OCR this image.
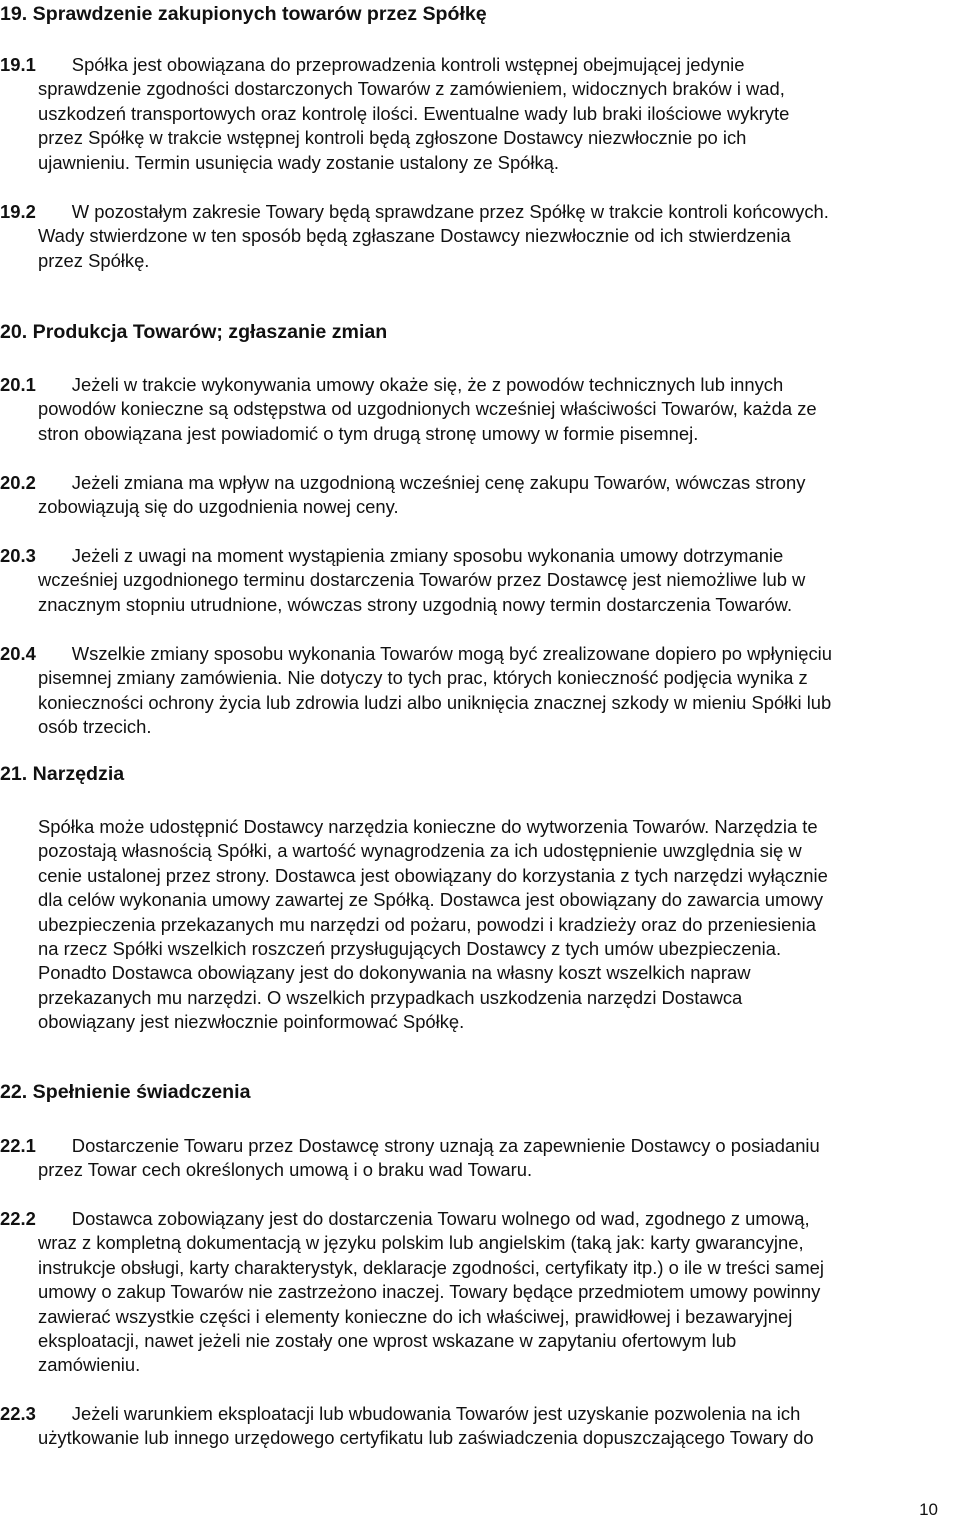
19. Sprawdzenie zakupionych towarów przez Spółkę
19.1 Spółka jest obowiązana do przeprowadzenia kontroli wstępnej obejmującej jedynie
sprawdzenie zgodności dostarczonych Towarów z zamówieniem, widocznych braków i wad,
uszkodzeń transportowych oraz kontrolę ilości. Ewentualne wady lub braki ilościowe wykryte
przez Spółkę w trakcie wstępnej kontroli będą zgłoszone Dostawcy niezwłocznie po ich
ujawnieniu. Termin usunięcia wady zostanie ustalony ze Spółką.
19.2 W pozostałym zakresie Towary będą sprawdzane przez Spółkę w trakcie kontroli końcowych.
Wady stwierdzone w ten sposób będą zgłaszane Dostawcy niezwłocznie od ich stwierdzenia
przez Spółkę.
20. Produkcja Towarów; zgłaszanie zmian
20.1 Jeżeli w trakcie wykonywania umowy okaże się, że z powodów technicznych lub innych
powodów konieczne są odstępstwa od uzgodnionych wcześniej właściwości Towarów, każda ze
stron obowiązana jest powiadomić o tym drugą stronę umowy w formie pisemnej.
20.2 Jeżeli zmiana ma wpływ na uzgodnioną wcześniej cenę zakupu Towarów, wówczas strony
zobowiązują się do uzgodnienia nowej ceny.
20.3 Jeżeli z uwagi na moment wystąpienia zmiany sposobu wykonania umowy dotrzymanie
wcześniej uzgodnionego terminu dostarczenia Towarów przez Dostawcę jest niemożliwe lub w
znacznym stopniu utrudnione, wówczas strony uzgodnią nowy termin dostarczenia Towarów.
20.4 Wszelkie zmiany sposobu wykonania Towarów mogą być zrealizowane dopiero po wpłynięciu
pisemnej zmiany zamówienia. Nie dotyczy to tych prac, których konieczność podjęcia wynika z
konieczności ochrony życia lub zdrowia ludzi albo uniknięcia znacznej szkody w mieniu Spółki lub
osób trzecich.
21. Narzędzia
Spółka może udostępnić Dostawcy narzędzia konieczne do wytworzenia Towarów. Narzędzia te
pozostają własnością Spółki, a wartość wynagrodzenia za ich udostępnienie uwzględnia się w
cenie ustalonej przez strony. Dostawca jest obowiązany do korzystania z tych narzędzi wyłącznie
dla celów wykonania umowy zawartej ze Spółką. Dostawca jest obowiązany do zawarcia umowy
ubezpieczenia przekazanych mu narzędzi od pożaru, powodzi i kradzieży oraz do przeniesienia
na rzecz Spółki wszelkich roszczeń przysługujących Dostawcy z tych umów ubezpieczenia.
Ponadto Dostawca obowiązany jest do dokonywania na własny koszt wszelkich napraw
przekazanych mu narzędzi. O wszelkich przypadkach uszkodzenia narzędzi Dostawca
obowiązany jest niezwłocznie poinformować Spółkę.
22. Spełnienie świadczenia
22.1 Dostarczenie Towaru przez Dostawcę strony uznają za zapewnienie Dostawcy o posiadaniu
przez Towar cech określonych umową i o braku wad Towaru.
22.2 Dostawca zobowiązany jest do dostarczenia Towaru wolnego od wad, zgodnego z umową,
wraz z kompletną dokumentacją w języku polskim lub angielskim (taką jak: karty gwarancyjne,
instrukcje obsługi, karty charakterystyk, deklaracje zgodności, certyfikaty itp.) o ile w treści samej
umowy o zakup Towarów nie zastrzeżono inaczej. Towary będące przedmiotem umowy powinny
zawierać wszystkie części i elementy konieczne do ich właściwej, prawidłowej i bezawaryjnej
eksploatacji, nawet jeżeli nie zostały one wprost wskazane w zapytaniu ofertowym lub
zamówieniu.
22.3 Jeżeli warunkiem eksploatacji lub wbudowania Towarów jest uzyskanie pozwolenia na ich
użytkowanie lub innego urzędowego certyfikatu lub zaświadczenia dopuszczającego Towary do
10
